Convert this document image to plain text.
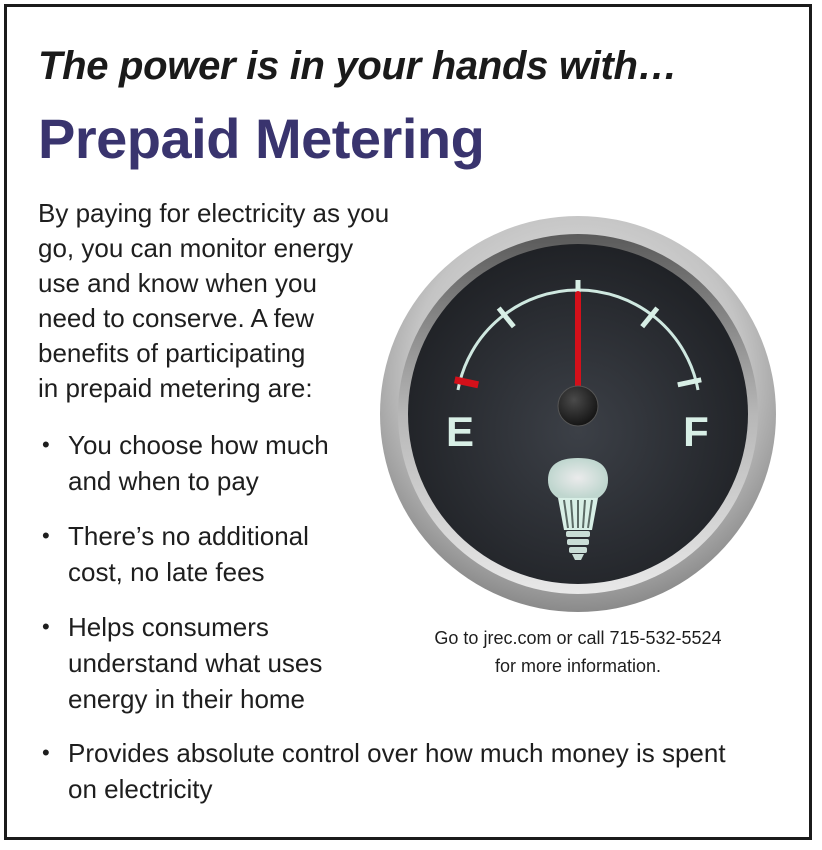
The power is in your hands with…
Prepaid Metering
By paying for electricity as you
go, you can monitor energy
use and know when you
need to conserve. A few
benefits of participating
in prepaid metering are:
• You choose how much
and when to pay
• There’s no additional
cost, no late fees
• Helps consumers
understand what uses
energy in their home
• Provides absolute control over how much money is spent
on electricity
E	F
Go to jrec.com or call 715-532-5524
for more information.
